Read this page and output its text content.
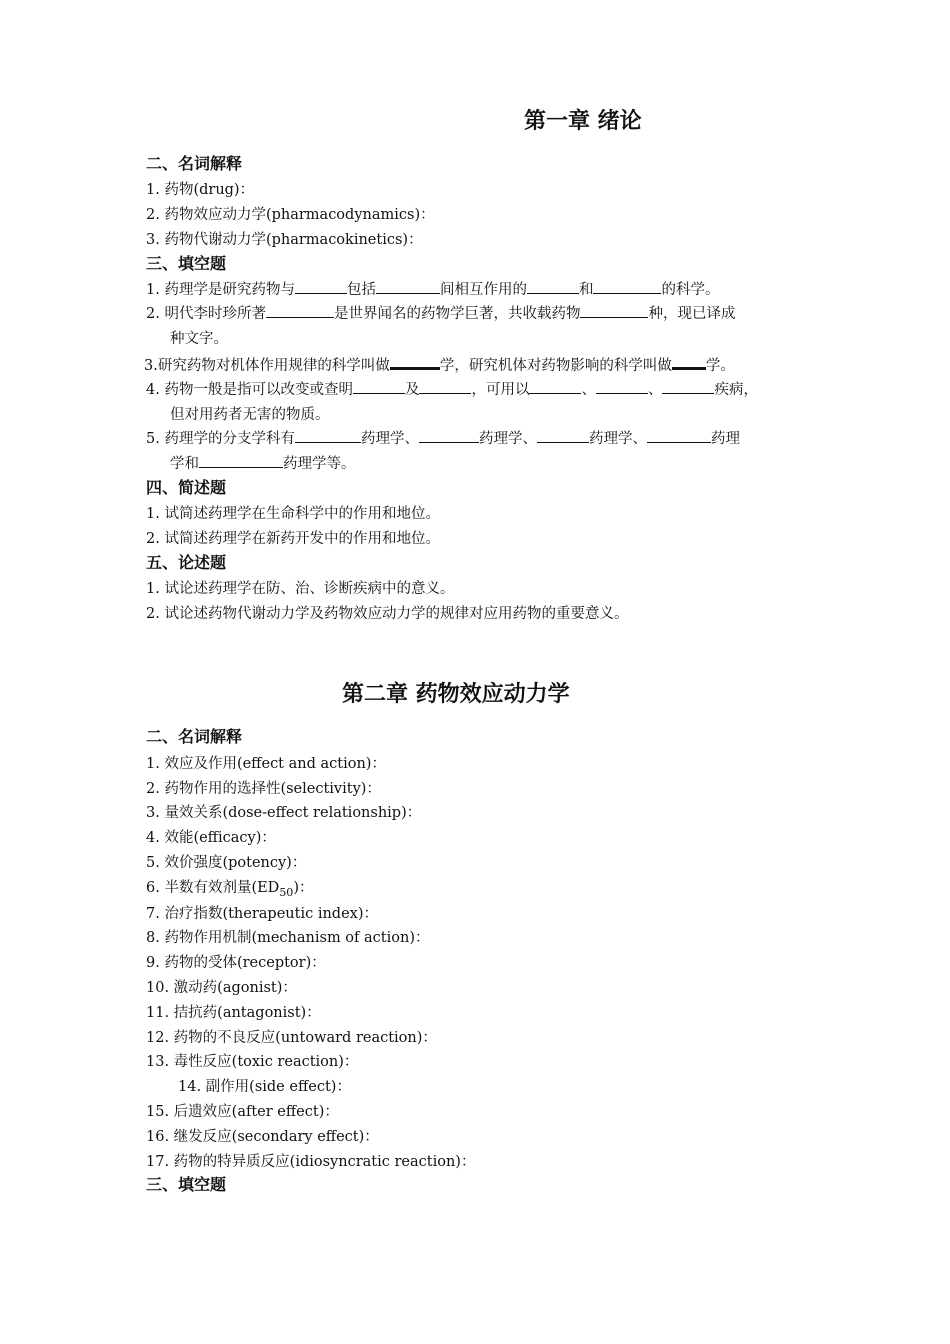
第一章 绪论
二、名词解释
1. 药物(drug)：
2. 药物效应动力学(pharmacodynamics)：
3. 药物代谢动力学(pharmacokinetics)：
三、填空题
1. 药理学是研究药物与	包括	间相互作用的	和	的科学。
2. 明代李时珍所著	是世界闻名的药物学巨著，共收载药物	种，现已译成
种文字。
3.研究药物对机体作用规律的科学叫做	学，研究机体对药物影响的科学叫做 学。
4. 药物一般是指可以改变或查明	及	，可用以	、	、	疾病，
但对用药者无害的物质。
5. 药理学的分支学科有	药理学、	药理学、	药理学、	药理
学和	药理学等。
四、简述题
1. 试简述药理学在生命科学中的作用和地位。
2. 试简述药理学在新药开发中的作用和地位。
五、论述题
1. 试论述药理学在防、治、诊断疾病中的意义。
2. 试论述药物代谢动力学及药物效应动力学的规律对应用药物的重要意义。
第二章 药物效应动力学
二、名词解释
1. 效应及作用(effect and action)：
2. 药物作用的选择性(selectivity)：
3. 量效关系(dose-effect relationship)：
4. 效能(efficacy)：
5. 效价强度(potency)：
6. 半数有效剂量$(ED_{50})$：
7. 治疗指数(therapeutic index)：
8. 药物作用机制(mechanism of action)：
9. 药物的受体(receptor)：
10. 激动药(agonist)：
11. 拮抗药(antagonist)：
12. 药物的不良反应(untoward reaction)：
13. 毒性反应(toxic reaction)：
14. 副作用(side effect)：
15. 后遗效应(after effect)：
16. 继发反应(secondary effect)：
17. 药物的特异质反应(idiosyncratic reaction)：
三、填空题
